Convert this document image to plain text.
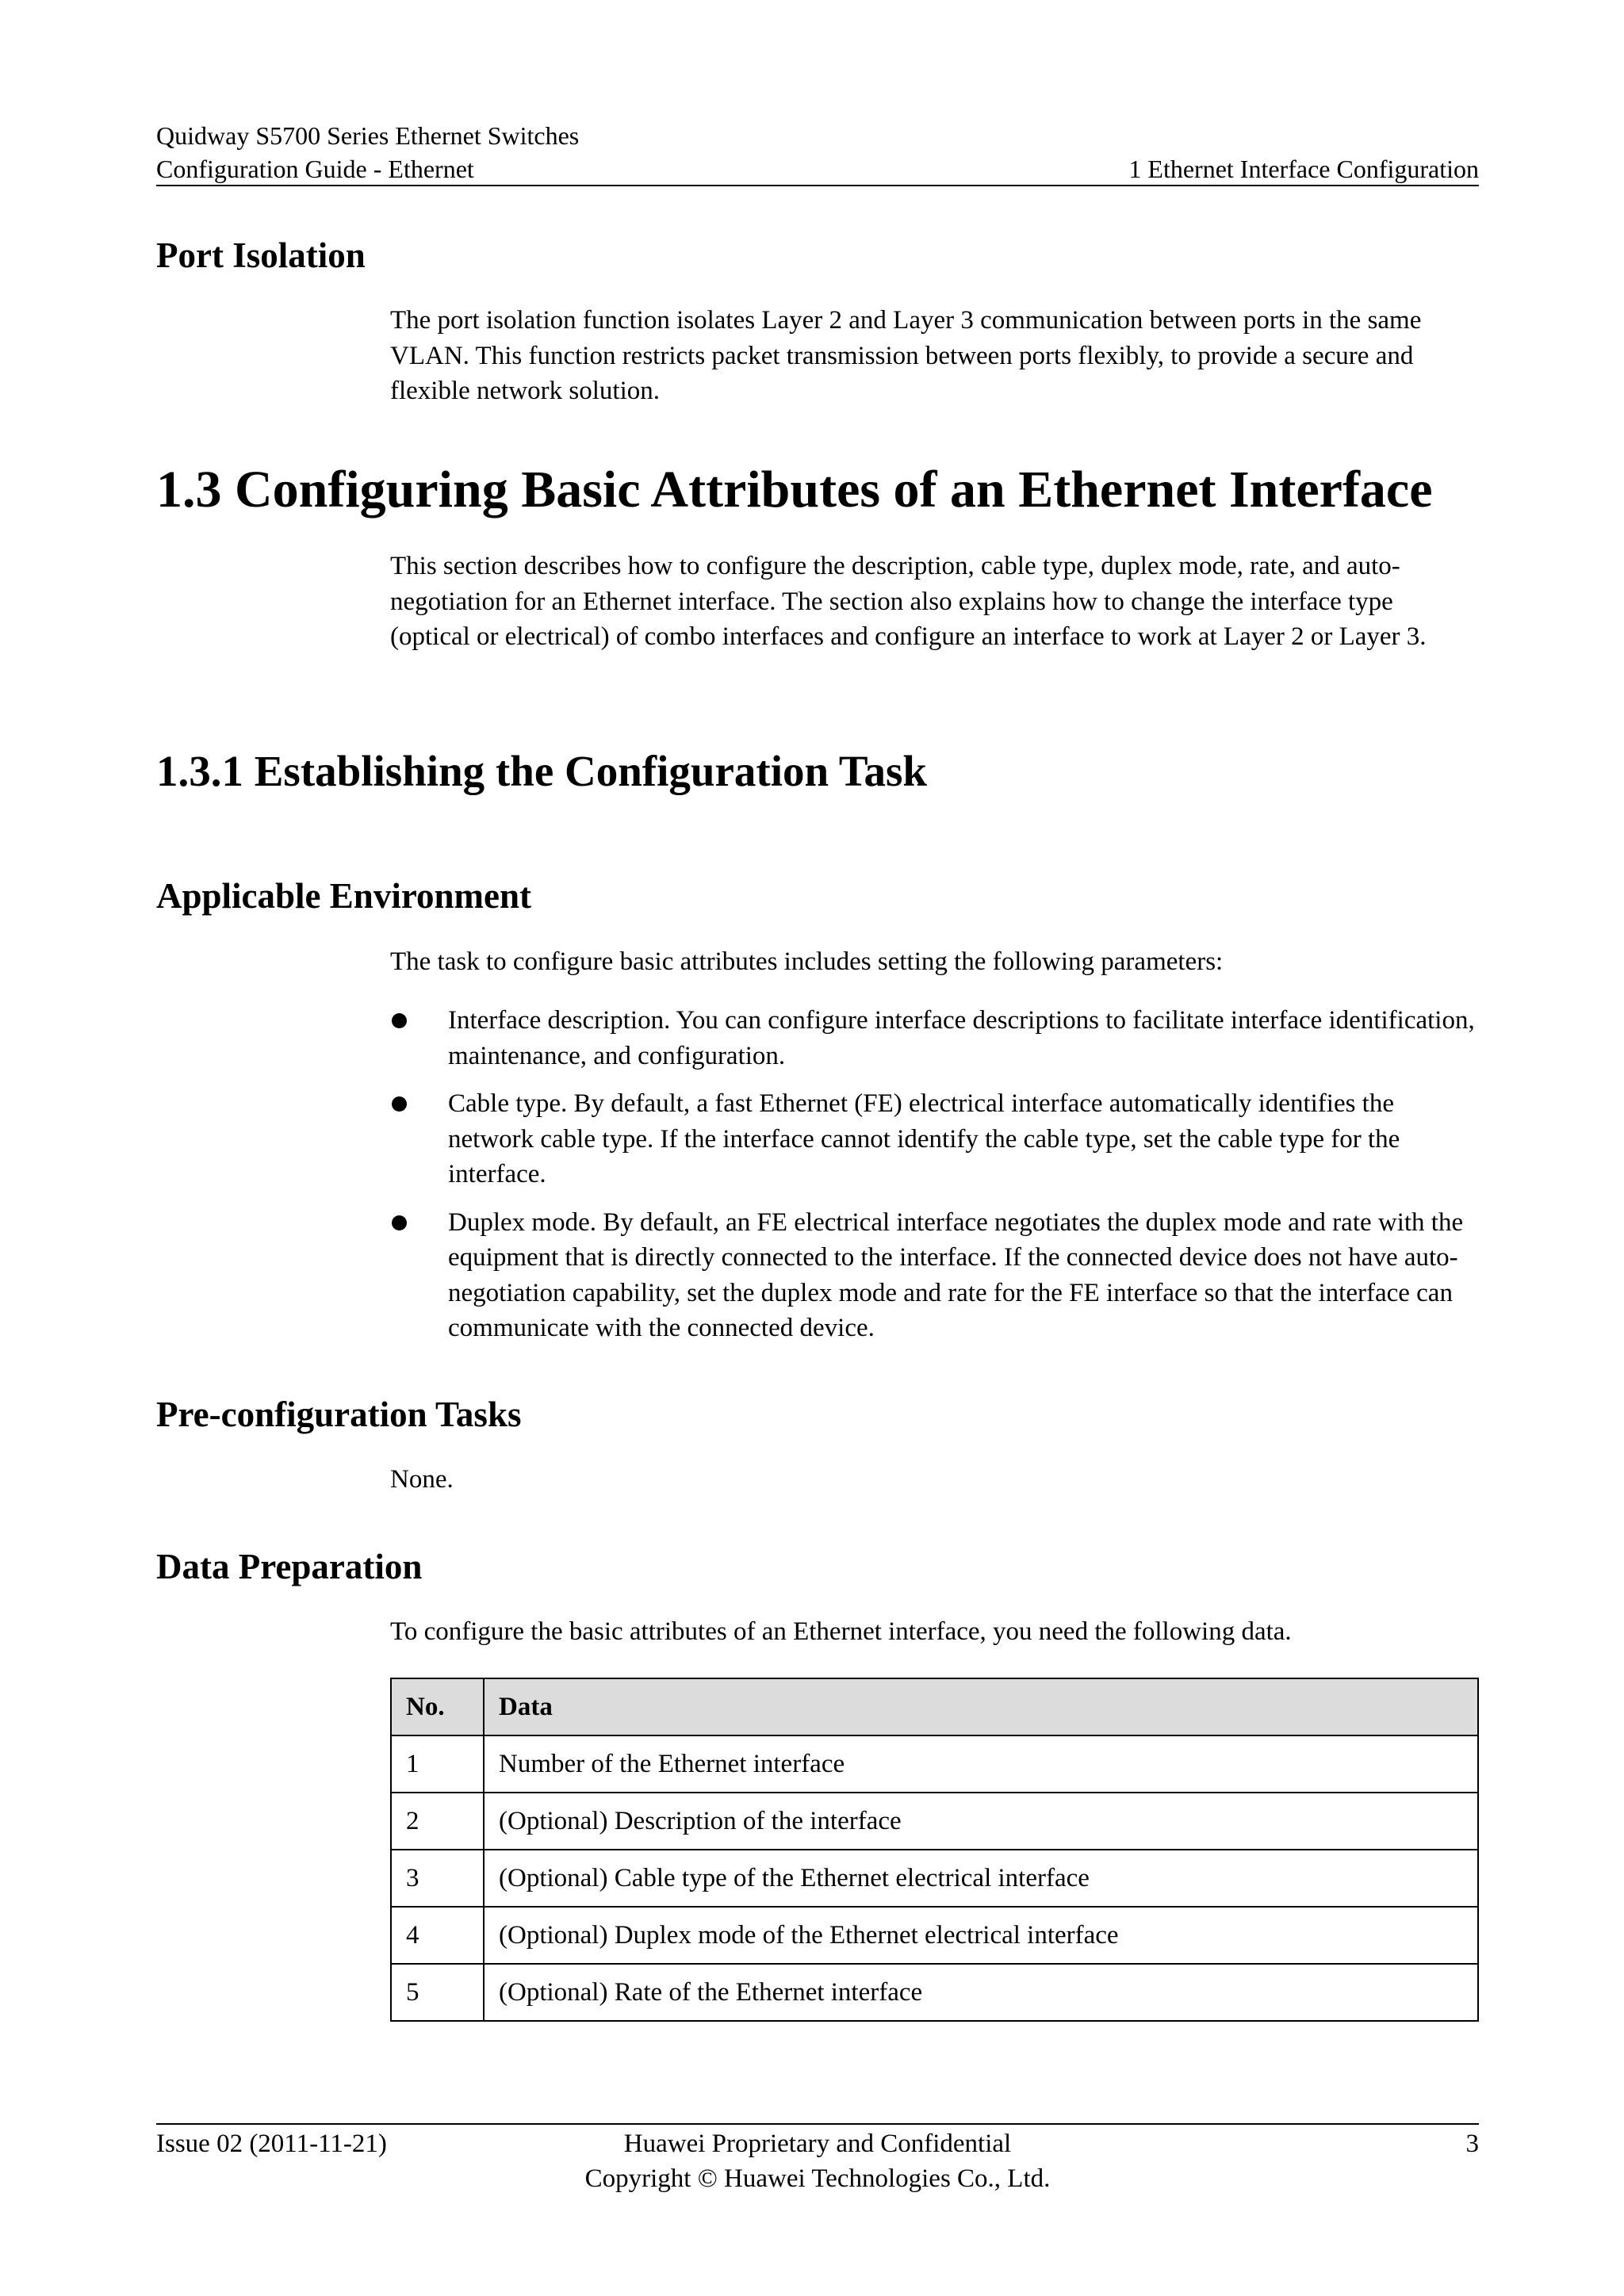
Quidway S5700 Series Ethernet Switches
Configuration Guide - Ethernet	1 Ethernet Interface Configuration
Port Isolation

The port isolation function isolates Layer 2 and Layer 3 communication between ports in the same VLAN. This function restricts packet transmission between ports flexibly, to provide a secure and flexible network solution.

1.3 Configuring Basic Attributes of an Ethernet Interface

This section describes how to configure the description, cable type, duplex mode, rate, and auto-negotiation for an Ethernet interface. The section also explains how to change the interface type (optical or electrical) of combo interfaces and configure an interface to work at Layer 2 or Layer 3.

1.3.1 Establishing the Configuration Task
Applicable Environment

The task to configure basic attributes includes setting the following parameters:

Interface description. You can configure interface descriptions to facilitate interface identification, maintenance, and configuration.
Cable type. By default, a fast Ethernet (FE) electrical interface automatically identifies the network cable type. If the interface cannot identify the cable type, set the cable type for the interface.
Duplex mode. By default, an FE electrical interface negotiates the duplex mode and rate with the equipment that is directly connected to the interface. If the connected device does not have auto-negotiation capability, set the duplex mode and rate for the FE interface so that the interface can communicate with the connected device.
Pre-configuration Tasks

None.

Data Preparation

To configure the basic attributes of an Ethernet interface, you need the following data.

No.	Data
1	Number of the Ethernet interface
2	(Optional) Description of the interface
3	(Optional) Cable type of the Ethernet electrical interface
4	(Optional) Duplex mode of the Ethernet electrical interface
5	(Optional) Rate of the Ethernet interface
Issue 02 (2011-11-21)	Huawei Proprietary and Confidential
Copyright © Huawei Technologies Co., Ltd.
3
